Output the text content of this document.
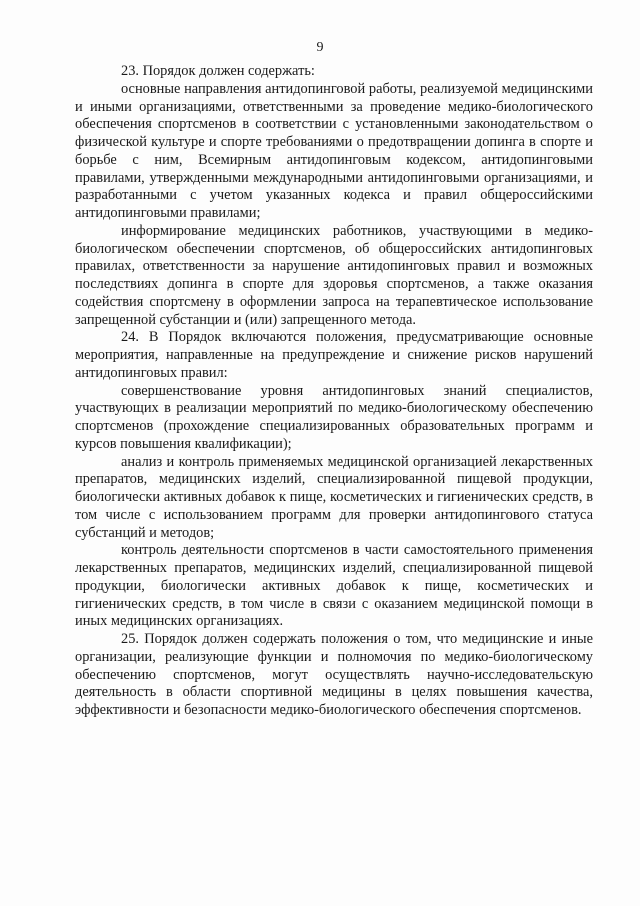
9

23. Порядок должен содержать:

основные направления антидопинговой работы, реализуемой медицинскими и иными организациями, ответственными за проведение медико-биологического обеспечения спортсменов в соответствии с установленными законодательством о физической культуре и спорте требованиями о предотвращении допинга в спорте и борьбе с ним, Всемирным антидопинговым кодексом, антидопинговыми правилами, утвержденными международными антидопинговыми организациями, и разработанными с учетом указанных кодекса и правил общероссийскими антидопинговыми правилами;

информирование медицинских работников, участвующими в медико-биологическом обеспечении спортсменов, об общероссийских антидопинговых правилах, ответственности за нарушение антидопинговых правил и возможных последствиях допинга в спорте для здоровья спортсменов, а также оказания содействия спортсмену в оформлении запроса на терапевтическое использование запрещенной субстанции и (или) запрещенного метода.

24. В Порядок включаются положения, предусматривающие основные мероприятия, направленные на предупреждение и снижение рисков нарушений антидопинговых правил:

совершенствование уровня антидопинговых знаний специалистов, участвующих в реализации мероприятий по медико-биологическому обеспечению спортсменов (прохождение специализированных образовательных программ и курсов повышения квалификации);

анализ и контроль применяемых медицинской организацией лекарственных препаратов, медицинских изделий, специализированной пищевой продукции, биологически активных добавок к пище, косметических и гигиенических средств, в том числе с использованием программ для проверки антидопингового статуса субстанций и методов;

контроль деятельности спортсменов в части самостоятельного применения лекарственных препаратов, медицинских изделий, специализированной пищевой продукции, биологически активных добавок к пище, косметических и гигиенических средств, в том числе в связи с оказанием медицинской помощи в иных медицинских организациях.

25. Порядок должен содержать положения о том, что медицинские и иные организации, реализующие функции и полномочия по медико-биологическому обеспечению спортсменов, могут осуществлять научно-исследовательскую деятельность в области спортивной медицины в целях повышения качества, эффективности и безопасности медико-биологического обеспечения спортсменов.
